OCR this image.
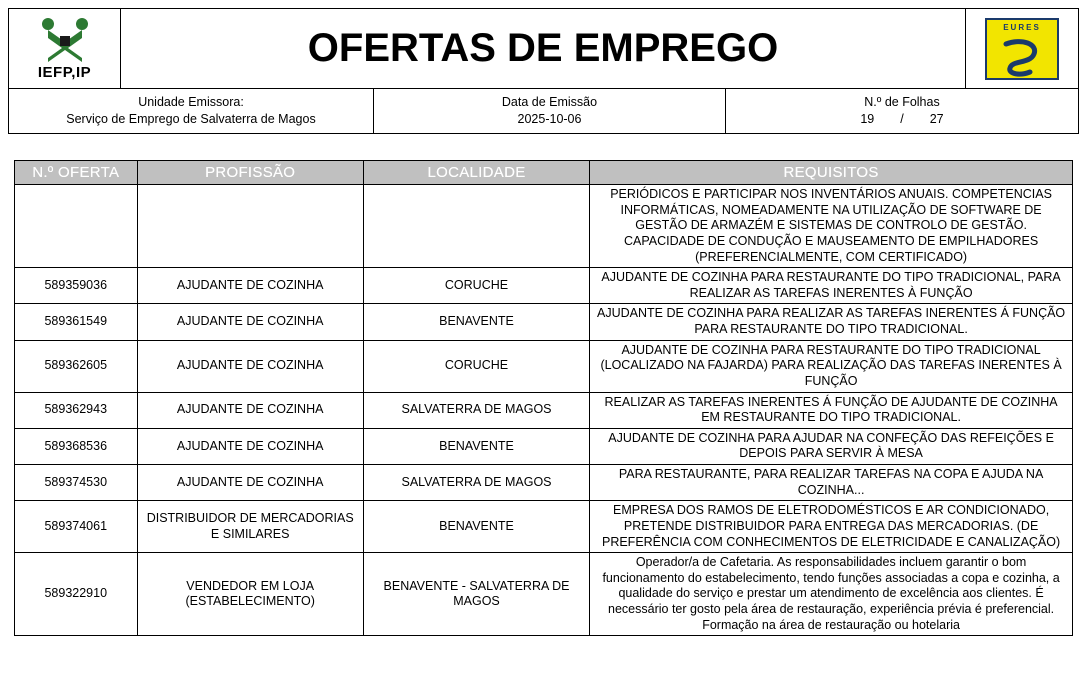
IEFP,IP
OFERTAS DE EMPREGO	EURES
Unidade Emissora:
Serviço de Emprego de Salvaterra de Magos
Data de Emissão
2025-10-06
N.º de Folhas
19 / 27
N.º OFERTA	PROFISSÃO	LOCALIDADE	REQUISITOS
			PERIÓDICOS E PARTICIPAR NOS INVENTÁRIOS ANUAIS. COMPETENCIAS INFORMÁTICAS, NOMEADAMENTE NA UTILIZAÇÃO DE SOFTWARE DE GESTÃO DE ARMAZÉM E SISTEMAS DE CONTROLO DE GESTÃO. CAPACIDADE DE CONDUÇÃO E MAUSEAMENTO DE EMPILHADORES (PREFERENCIALMENTE, COM CERTIFICADO)
589359036	AJUDANTE DE COZINHA	CORUCHE	AJUDANTE DE COZINHA PARA RESTAURANTE DO TIPO TRADICIONAL, PARA REALIZAR AS TAREFAS INERENTES À FUNÇÃO
589361549	AJUDANTE DE COZINHA	BENAVENTE	AJUDANTE DE COZINHA PARA REALIZAR AS TAREFAS INERENTES Á FUNÇÃO PARA RESTAURANTE DO TIPO TRADICIONAL.
589362605	AJUDANTE DE COZINHA	CORUCHE	AJUDANTE DE COZINHA PARA RESTAURANTE DO TIPO TRADICIONAL (LOCALIZADO NA FAJARDA) PARA REALIZAÇÃO DAS TAREFAS INERENTES À FUNÇÃO
589362943	AJUDANTE DE COZINHA	SALVATERRA DE MAGOS	REALIZAR AS TAREFAS INERENTES Á FUNÇÃO DE AJUDANTE DE COZINHA EM RESTAURANTE DO TIPO TRADICIONAL.
589368536	AJUDANTE DE COZINHA	BENAVENTE	AJUDANTE DE COZINHA PARA AJUDAR NA CONFEÇÃO DAS REFEIÇÕES E DEPOIS PARA SERVIR À MESA
589374530	AJUDANTE DE COZINHA	SALVATERRA DE MAGOS	PARA RESTAURANTE, PARA REALIZAR TAREFAS NA COPA E AJUDA NA COZINHA...
589374061	DISTRIBUIDOR DE MERCADORIAS E SIMILARES	BENAVENTE	EMPRESA DOS RAMOS DE ELETRODOMÉSTICOS E AR CONDICIONADO, PRETENDE DISTRIBUIDOR PARA ENTREGA DAS MERCADORIAS. (DE PREFERÊNCIA COM CONHECIMENTOS DE ELETRICIDADE E CANALIZAÇÃO)
589322910	VENDEDOR EM LOJA (ESTABELECIMENTO)	BENAVENTE - SALVATERRA DE MAGOS	Operador/a de Cafetaria. As responsabilidades incluem garantir o bom funcionamento do estabelecimento, tendo funções associadas a copa e cozinha, a qualidade do serviço e prestar um atendimento de excelência aos clientes. É necessário ter gosto pela área de restauração, experiência prévia é preferencial. Formação na área de restauração ou hotelaria
